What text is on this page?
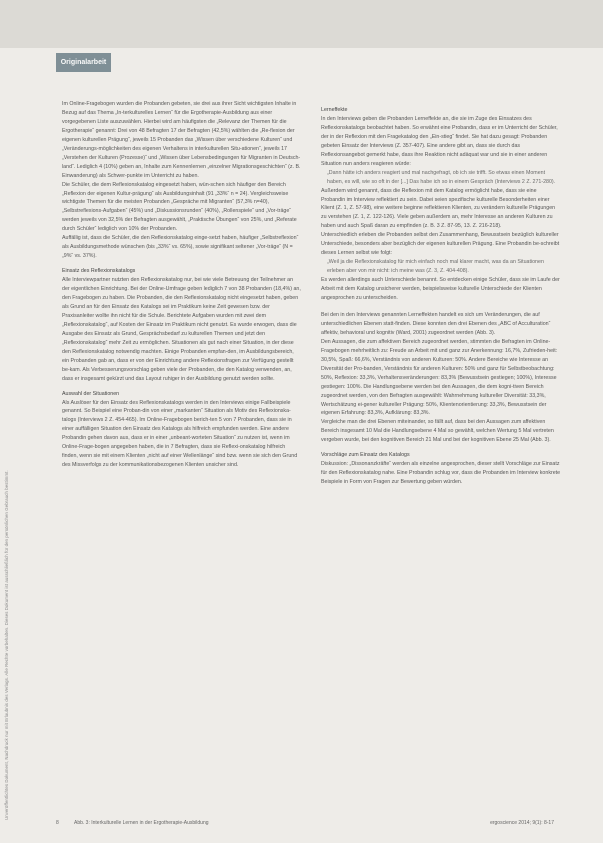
Originalarbeit
Unveröffentlichtes Dokument, Nachdruck nur mit Erlaubnis des Verlags. Alle Rechte vorbehalten. Dieses Dokument ist ausschließlich für den persönlichen Gebrauch bestimmt.

Im Online-Fragebogen wurden die Probanden gebeten, sie drei aus ihrer Sicht wichtigsten Inhalte in Bezug auf das Thema „In-terkulturelles Lernen“ für die Ergotherapie-Ausbildung aus einer vorgegebenen Liste auszuwählen. Hierbei wird am häufigsten die „Relevanz der Themen für die Ergotherapie“ genannt: Drei von 48 Befragten 17 der Befragten (42,5%) wählten die „Re-flexion der eigenen kulturellen Prägung“, jeweils 15 Probanden das „Wissen über verschiedene Kulturen“ und „Veränderungs-möglichkeiten des eigenen Verhaltens in interkulturellen Situ-ationen“, jeweils 17 „Verstehen der Kulturen (Prozesse)“ und „Wissen über Lebensbedingungen für Migranten in Deutsch-land“. Lediglich 4 (10%) geben an, Inhalte zum Kennenlernen „einzelner Migrationsgeschichten“ (z. B. Einwanderung) als Schwer-punkte im Unterricht zu haben.

Die Schüler, die dem Reflexionskatalog eingesetzt haben, wün-schen sich häufiger den Bereich „Reflexion der eigenen Kultur-prägung“ als Ausbildungsinhalt (91 „33%“ n = 24). Vergleichsweise wichtigste Themen für die meisten Probanden „Gespräche mit Migranten“ (57,3% n=40), „Selbstreflexions-Aufgaben“ (45%) und „Diskussionsrunden“ (40%), „Rollenspiele“ und „Vor-träge“ werden jeweils von 32,5% der Befragten ausgewählt, „Praktische Übungen“ von 25%, und „Referate durch Schüler“ lediglich von 10% der Probanden.

Auffällig ist, dass die Schüler, die den Reflexionskatalog einge-setzt haben, häufiger „Selbstreflexion“ als Ausbildungsmethode wünschen (bis „33%“ vs. 65%), sowie signifikant seltener „Vor-träge“ (N = „9%“ vs. 37%).

Einsatz des Reflexionskatalogs

Alle Interviewpartner nutzten den Reflexionskatalog nur, bei wie viele Betreuung der Teilnehmer an der eigentlichen Einrichtung. Bei der Online-Umfrage geben lediglich 7 von 38 Probanden (18,4%) an, den Fragebogen zu haben. Die Probanden, die den Reflexionskatalog nicht eingesetzt haben, geben als Grund an für den Einsatz des Katalogs sei im Praktikum keine Zeit gewesen bzw. der Praxisanleiter wollte ihn nicht für die Schule. Berichtete Aufgaben wurden mit zwei dem „Reflexionskatalog“, auf Kosten der Einsatz im Praktikum nicht genutzt. Es wurde erwogen, dass die Ausgabe des Einsatz als Grund, Gesprächsbedarf zu kulturellen Themen und jetzt den „Reflexionskatalog“ mehr Zeit zu ermöglichen. Situationen als gut nach einer Situation, in der diese den Reflexionskatalog notwendig machten. Einige Probanden empfan-den, im Ausbildungsbereich, ein Probanden gab an, dass er von der Einrichtung andere Reflexionsfragen zur Verfügung gestellt be-kam. Als Verbesserungsvorschlag geben viele der Probanden, die den Katalog verwenden, an, dass er insgesamt gekürzt und das Layout ruhiger in der Ausbildung genutzt werden sollte.

Auswahl der Situationen

Als Auslöser für den Einsatz des Reflexionskatalogs werden in den Interviews einige Fallbeispiele genannt. So Beispiel eine Proban-din von einer „markanten“ Situation als Motiv des Reflexionska-talogs (Interviews 2 Z. 454-465). Im Online-Fragebogen berich-ten 5 von 7 Probanden, dass sie in einer auffälligen Situation den Einsatz des Katalogs als hilfreich empfunden werden. Eine andere Probandin gehen davon aus, dass er in einer „unbeant-worteten Situation“ zu nutzen ist, wenn im Online-Frage-bogen angegeben haben, die in 7 Befragten, dass sie Reflexi-onskatalog hilfreich finden, wenn sie mit einem Klienten „nicht auf einer Wellenlänge“ sind bzw. wenn sie sich den Grund des Missverfolgs zu der kommunikationsbezogenen Klienten unsicher sind.

Lerneffekte

In den Interviews geben die Probanden Lerneffekte an, die sie im Zuge des Einsatzes des Reflexionskatalogs beobachtet haben. So erwähnt eine Probandin, dass er im Unterricht der Schüler, der in der Reflexion mit den Fragekatalog den „Ein-stieg“ findet. Sie hat dazu gesagt: Probanden gebeten Einsatz der Interviews (Z. 357-407). Eine andere gibt an, dass sie durch das Reflexionsangebot gemerkt habe, dass ihre Reaktion nicht adäquat war und sie in einer anderen Situation nun anders reagieren würde:

„Dann hätte ich anders reagiert und mal nachgefragt, ob ich sie trifft. So etwas einen Moment haben, es will, wie so oft in der [...] Das habe ich so in einem Gespräch (Interviews 2 Z. 271-280).

Außerdem wird genannt, dass die Reflexion mit dem Katalog ermöglicht habe, dass sie eine Probandin im Interview reflektiert zu sein. Dabei seien spezifische kulturelle Besonderheiten einer Klient (Z. 1, Z. 57-98), eine weitere beginne reflektieren Klienten, zu verändern kulturelle Prägungen zu verstehen (Z. 1, Z. 122-126). Viele geben außerdem an, mehr Interesse an anderen Kulturen zu haben und auch Spaß daran zu empfinden (z. B. 3 Z. 87-95, 13. Z. 216-218).

Unterschiedlich erleben die Probanden selbst den Zusammenhang, Bewusstsein bezüglich kultureller Unterschiede, besonders aber bezüglich der eigenen kulturellen Prägung. Eine Probandin be-schreibt dieses Lernen selbst wie folgt:

„Weil ja die Reflexionskatalog für mich einfach noch mal klarer macht, was da an Situationen erleben aber von mir nicht: ich meine was (Z. 3, Z. 404-408).

Es werden allerdings auch Unterschiede benannt. So entdecken einige Schüler, dass sie im Laufe der Arbeit mit dem Katalog unsicherer werden, beispielsweise kulturelle Unterschiede der Klienten angesprochen zu unterscheiden.

Bei den in den Interviews genannten Lerneffekten handelt es sich um Veränderungen, die auf unterschiedlichen Ebenen statt-finden. Diese konnten den drei Ebenen des „ABC of Acculturation“ affektiv, behavioral und kognitiv (Ward, 2001) zugeordnet werden (Abb. 3).

Den Aussagen, die zum affektiven Bereich zugeordnet werden, stimmten die Befragten im Online-Fragebogen mehrheitlich zu: Freude an Arbeit mit und ganz zur Anerkennung: 16,7%, Zufrieden-heit: 30,5%, Spaß: 66,6%, Verständnis von anderen Kulturen: 50%. Andere Bereiche wie Interesse an Diversität der Pro-banden, Verständnis für anderen Kulturen: 50% und ganz für Selbstbeobachtung: 50%, Reflexion: 33,3%, Verhaltensveränderungen: 83,3% (Bewusstsein gestiegen; 100%), Interesse gestiegen: 100%. Die Handlungsebene werden bei den Aussagen, die dem kogni-tiven Bereich zugeordnet werden, von den Befragten ausgewählt: Wahrnehmung kultureller Diversität: 33,3%, Wertschätzung ei-gener kultureller Prägung: 50%, Klientenorientierung: 33,3%, Bewusstsein der eigenen Erfahrung: 83,3%, Aufklärung: 83,3%.

Vergleiche man die drei Ebenen miteinander, so fällt auf, dass bei den Aussagen zum affektiven Bereich insgesamt 10 Mal die Handlungsebene 4 Mal so gewählt, welchen Wertung 5 Mal vertreten vergeben wurde, bei den kognitiven Bereich 21 Mal und bei der kognitiven Ebene 25 Mal (Abb. 3).

Vorschläge zum Einsatz des Katalogs

Diskussion: „Dissonanzkräfte“ werden als einzelne angesprochen, dieser stellt Vorschläge zur Einsatz für den Reflexionskatalog nahe. Eine Probandin schlug vor, dass die Probanden im Interview konkrete Beispiele in Form von Fragen zur Bewertung geben würden.

8	Abb. 3: Interkulturelle Lernen in der Ergotherapie-Ausbildung	ergoscience 2014; 9(1): 8-17
